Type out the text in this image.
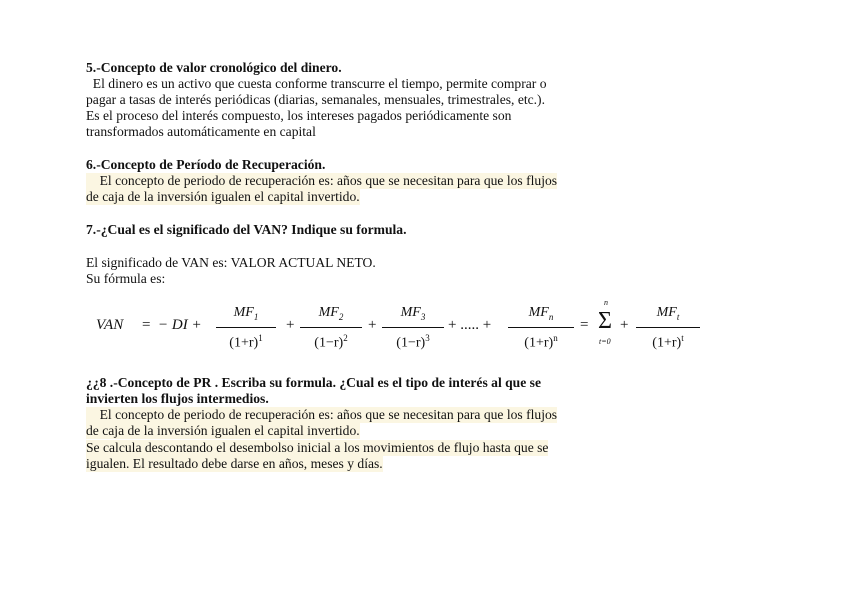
5.-Concepto de valor cronológico del dinero.
El dinero es un activo que cuesta conforme transcurre el tiempo, permite comprar o
pagar a tasas de interés periódicas (diarias, semanales, mensuales, trimestrales, etc.).
Es el proceso del interés compuesto, los intereses pagados periódicamente son
transformados automáticamente en capital
6.-Concepto de Período de Recuperación.
El concepto de periodo de recuperación es: años que se necesitan para que los flujos
de caja de la inversión igualen el capital invertido.
7.-¿Cual es el significado del VAN? Indique su formula.
El significado de VAN es: VALOR ACTUAL NETO.
Su fórmula es:
VAN = − DI +
$MF_1$
$(1+r)^1$
+
$MF_2$
$(1-r)^2$
+
$MF_3$
$(1-r)^3$
+ ..... +
$MF_n$
$(1+r)^n$
=
n
Σ
t=0
+
$MF_t$
$(1+r)^t$
¿¿8 .-Concepto de PR . Escriba su formula. ¿Cual es el tipo de interés al que se
invierten los flujos intermedios.
El concepto de periodo de recuperación es: años que se necesitan para que los flujos
de caja de la inversión igualen el capital invertido.
Se calcula descontando el desembolso inicial a los movimientos de flujo hasta que se
igualen. El resultado debe darse en años, meses y días.
